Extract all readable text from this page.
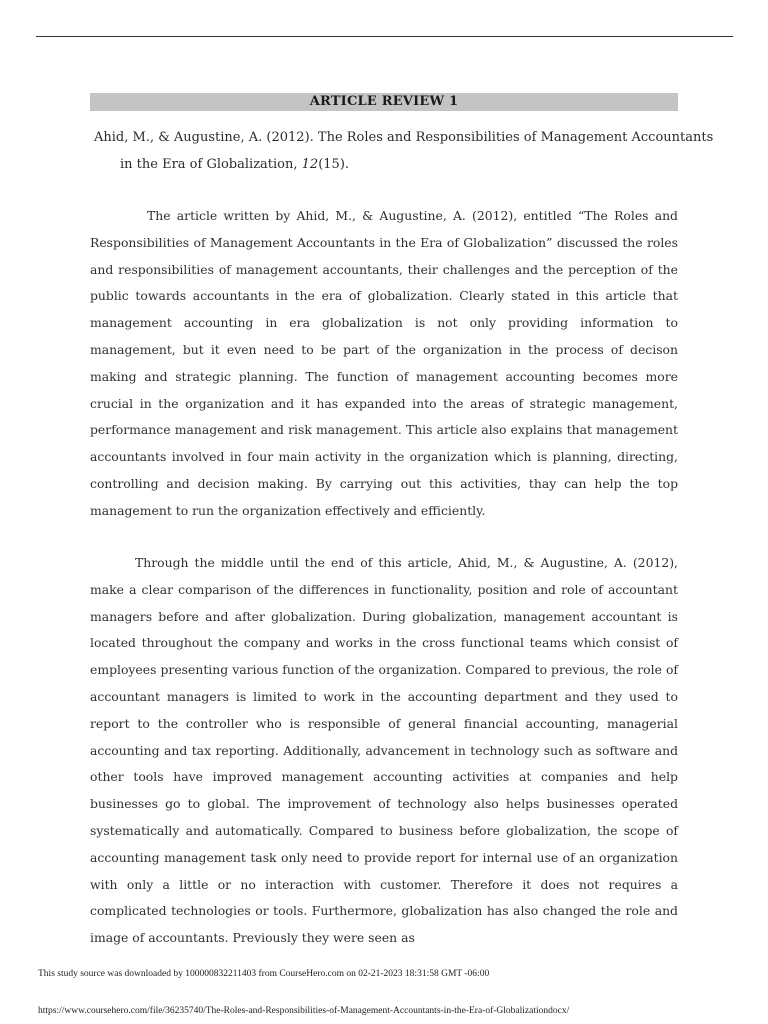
ARTICLE REVIEW 1
Ahid, M., & Augustine, A. (2012). The Roles and Responsibilities of Management Accountants
in the Era of Globalization, 12(15).

The article written by Ahid, M., & Augustine, A. (2012), entitled “The Roles and Responsibilities of Management Accountants in the Era of Globalization” discussed the roles and responsibilities of management accountants, their challenges and the perception of the public towards accountants in the era of globalization. Clearly stated in this article that management accounting in era globalization is not only providing information to management, but it even need to be part of the organization in the process of decison making and strategic planning. The function of management accounting becomes more crucial in the organization and it has expanded into the areas of strategic management, performance management and risk management. This article also explains that management accountants involved in four main activity in the organization which is planning, directing, controlling and decision making. By carrying out this activities, thay can help the top management to run the organization effectively and efficiently.

Through the middle until the end of this article, Ahid, M., & Augustine, A. (2012), make a clear comparison of the differences in functionality, position and role of accountant managers before and after globalization. During globalization, management accountant is located throughout the company and works in the cross functional teams which consist of employees presenting various function of the organization. Compared to previous, the role of accountant managers is limited to work in the accounting department and they used to report to the controller who is responsible of general financial accounting, managerial accounting and tax reporting. Additionally, advancement in technology such as software and other tools have improved management accounting activities at companies and help businesses go to global. The improvement of technology also helps businesses operated systematically and automatically. Compared to business before globalization, the scope of accounting management task only need to provide report for internal use of an organization with only a little or no interaction with customer. Therefore it does not requires a complicated technologies or tools. Furthermore, globalization has also changed the role and image of accountants. Previously they were seen as

This study source was downloaded by 100000832211403 from CourseHero.com on 02-21-2023 18:31:58 GMT -06:00
https://www.coursehero.com/file/36235740/The-Roles-and-Responsibilities-of-Management-Accountants-in-the-Era-of-Globalizationdocx/
